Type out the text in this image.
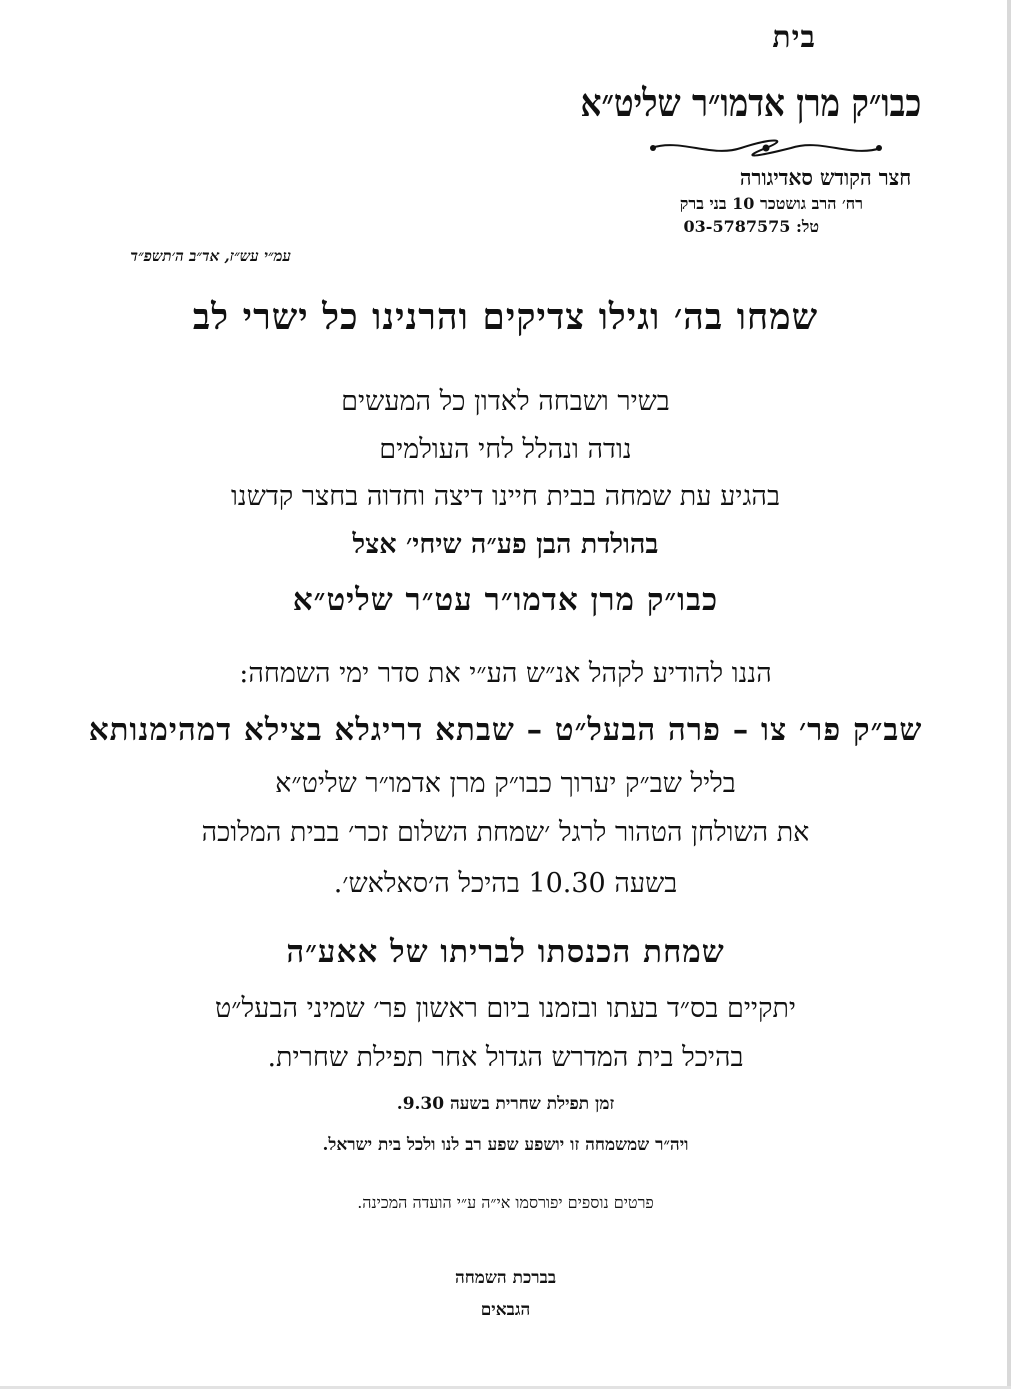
בית
כבו״ק מרן אדמו״ר שליט״א
חצר הקודש סאדיגורה
רח׳ הרב גושטכר 10 בני ברק
טל: 03-5787575
עמ״י עש״ז, אד״ב ה׳תשפ״ד
שמחו בה׳ וגילו צדיקים והרנינו כל ישרי לב
בשיר ושבחה לאדון כל המעשים
נודה ונהלל לחי העולמים
בהגיע עת שמחה בבית חיינו דיצה וחדוה בחצר קדשנו
בהולדת הבן פע״ה שיחי׳ אצל
כבו״ק מרן אדמו״ר עט״ר שליט״א
הננו להודיע לקהל אנ״ש הע״י את סדר ימי השמחה:
שב״ק פר׳ צו – פרה הבעל״ט – שבתא דריגלא בצילא דמהימנותא
בליל שב״ק יערוך כבו״ק מרן אדמו״ר שליט״א
את השולחן הטהור לרגל ׳שמחת השלום זכר׳ בבית המלוכה
בשעה 10.30 בהיכל ה׳סאלאש׳.
שמחת הכנסתו לבריתו של אאע״ה
יתקיים בס״ד בעתו ובזמנו ביום ראשון פר׳ שמיני הבעל״ט
בהיכל בית המדרש הגדול אחר תפילת שחרית.
זמן תפילת שחרית בשעה 9.30.
ויה״ר שמשמחה זו יושפע שפע רב לנו ולכל בית ישראל.
פרטים נוספים יפורסמו אי״ה ע״י הועדה המכינה.
בברכת השמחה
הגבאים
